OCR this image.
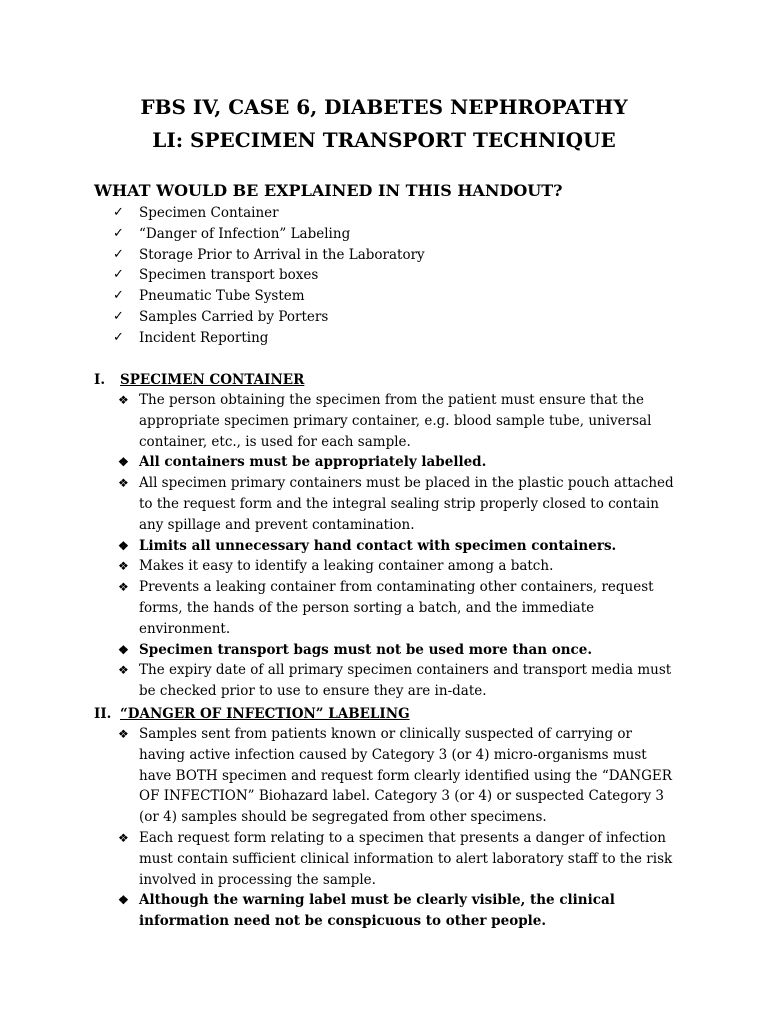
FBS IV, CASE 6, DIABETES NEPHROPATHY
LI: SPECIMEN TRANSPORT TECHNIQUE
WHAT WOULD BE EXPLAINED IN THIS HANDOUT?
✓	Specimen Container
✓	“Danger of Infection” Labeling
✓	Storage Prior to Arrival in the Laboratory
✓	Specimen transport boxes
✓	Pneumatic Tube System
✓	Samples Carried by Porters
✓	Incident Reporting
I. SPECIMEN CONTAINER
❖ The person obtaining the specimen from the patient must ensure that the appropriate specimen primary container, e.g. blood sample tube, universal container, etc., is used for each sample.
❖ All containers must be appropriately labelled.
❖ All specimen primary containers must be placed in the plastic pouch attached to the request form and the integral sealing strip properly closed to contain any spillage and prevent contamination.
❖ Limits all unnecessary hand contact with specimen containers.
❖ Makes it easy to identify a leaking container among a batch.
❖ Prevents a leaking container from contaminating other containers, request forms, the hands of the person sorting a batch, and the immediate environment.
❖ Specimen transport bags must not be used more than once.
❖ The expiry date of all primary specimen containers and transport media must be checked prior to use to ensure they are in-date.
II. “DANGER OF INFECTION” LABELING
❖ Samples sent from patients known or clinically suspected of carrying or having active infection caused by Category 3 (or 4) micro-organisms must have BOTH specimen and request form clearly identified using the “DANGER OF INFECTION” Biohazard label. Category 3 (or 4) or suspected Category 3 (or 4) samples should be segregated from other specimens.
❖ Each request form relating to a specimen that presents a danger of infection must contain sufficient clinical information to alert laboratory staff to the risk involved in processing the sample.
❖ Although the warning label must be clearly visible, the clinical information need not be conspicuous to other people.
